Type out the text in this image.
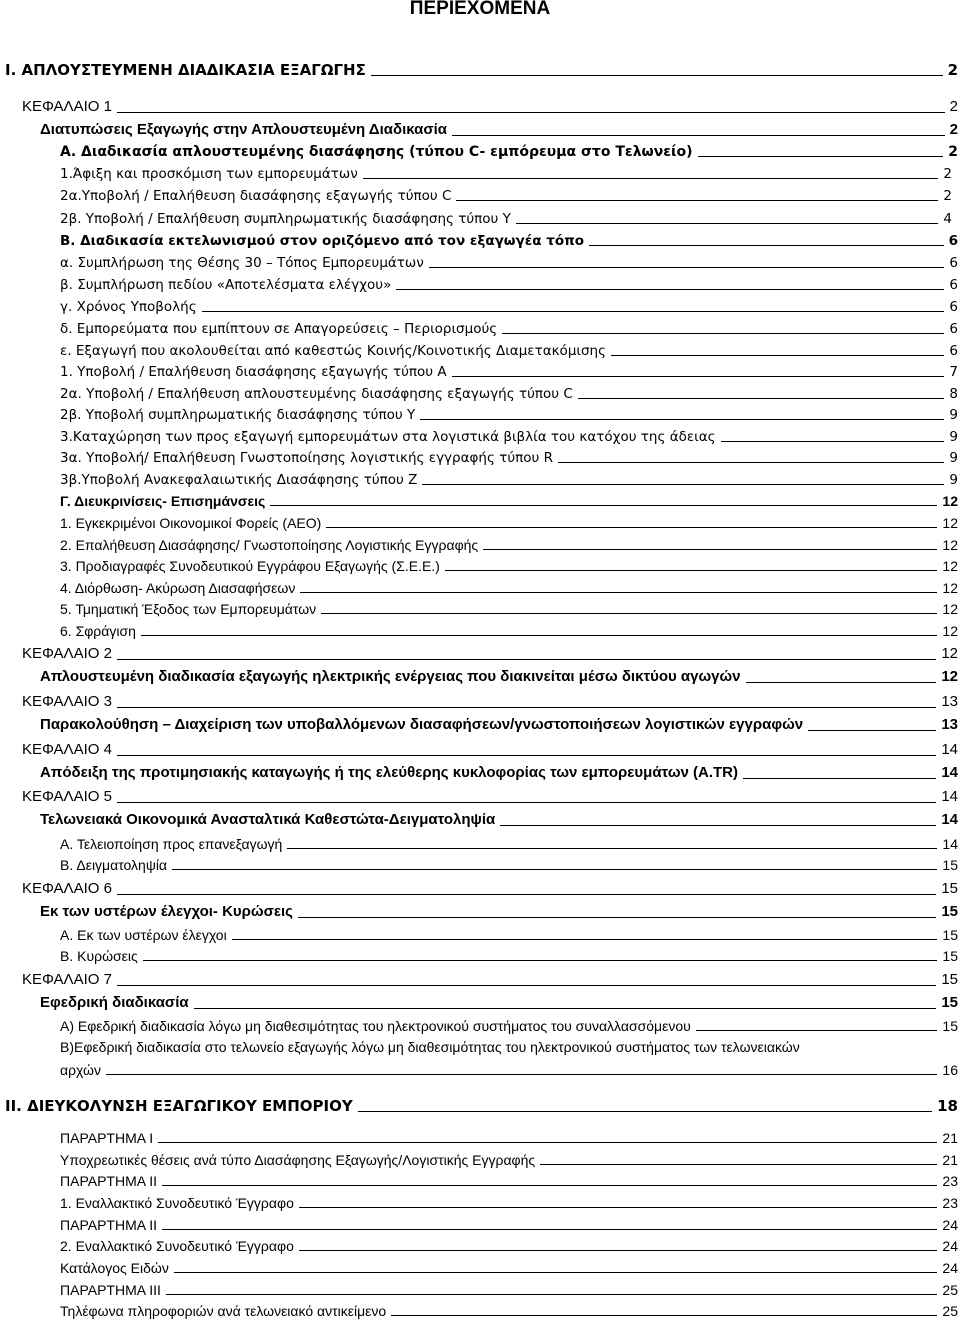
ΠΕΡΙΕΧΟΜΕΝΑ
I. ΑΠΛΟΥΣΤΕΥΜΕΝΗ ΔΙΑΔΙΚΑΣΙΑ ΕΞΑΓΩΓΗΣ	2
ΚΕΦΑΛΑΙΟ 1	2
Διατυπώσεις Εξαγωγής στην Απλουστευμένη Διαδικασία	2
Α. Διαδικασία απλουστευμένης διασάφησης (τύπου C- εμπόρευμα στο Τελωνείο)	2
1.Άφιξη και προσκόμιση των εμπορευμάτων	2
2α.Υποβολή / Επαλήθευση διασάφησης εξαγωγής τύπου C	2
2β. Υποβολή / Επαλήθευση συμπληρωματικής διασάφησης τύπου Y	4
Β. Διαδικασία εκτελωνισμού στον οριζόμενο από τον εξαγωγέα τόπο	6
α. Συμπλήρωση της Θέσης 30 – Τόπος Εμπορευμάτων	6
β. Συμπλήρωση πεδίου «Αποτελέσματα ελέγχου»	6
γ. Χρόνος Υποβολής	6
δ. Εμπορεύματα που εμπίπτουν σε Απαγορεύσεις – Περιορισμούς	6
ε. Εξαγωγή που ακολουθείται από καθεστώς Κοινής/Κοινοτικής Διαμετακόμισης	6
1. Υποβολή / Επαλήθευση διασάφησης εξαγωγής τύπου Α	7
2α. Υποβολή / Επαλήθευση απλουστευμένης διασάφησης εξαγωγής τύπου C	8
2β. Υποβολή συμπληρωματικής διασάφησης τύπου Y	9
3.Καταχώρηση των προς εξαγωγή εμπορευμάτων στα λογιστικά βιβλία του κατόχου της άδειας	9
3α. Υποβολή/ Επαλήθευση Γνωστοποίησης λογιστικής εγγραφής τύπου R	9
3β.Υποβολή Ανακεφαλαιωτικής Διασάφησης τύπου Z	9
Γ. Διευκρινίσεις- Επισημάνσεις	12
1. Εγκεκριμένοι Οικονομικοί Φορείς (ΑΕΟ)	12
2. Επαλήθευση Διασάφησης/ Γνωστοποίησης Λογιστικής Εγγραφής	12
3. Προδιαγραφές Συνοδευτικού Εγγράφου Εξαγωγής (Σ.Ε.Ε.)	12
4. Διόρθωση- Ακύρωση Διασαφήσεων	12
5. Τμηματική Έξοδος των Εμπορευμάτων	12
6. Σφράγιση	12
ΚΕΦΑΛΑΙΟ 2	12
Απλουστευμένη διαδικασία εξαγωγής ηλεκτρικής ενέργειας που διακινείται μέσω δικτύου αγωγών	12
ΚΕΦΑΛΑΙΟ 3	13
Παρακολούθηση – Διαχείριση των υποβαλλόμενων διασαφήσεων/γνωστοποιήσεων λογιστικών εγγραφών	13
ΚΕΦΑΛΑΙΟ 4	14
Απόδειξη της προτιμησιακής καταγωγής ή της ελεύθερης κυκλοφορίας των εμπορευμάτων (Α.TR)	14
ΚΕΦΑΛΑΙΟ 5	14
Τελωνειακά Οικονομικά Ανασταλτικά Καθεστώτα-Δειγματοληψία	14
Α. Τελειοποίηση προς επανεξαγωγή	14
Β. Δειγματοληψία	15
ΚΕΦΑΛΑΙΟ 6	15
Εκ των υστέρων έλεγχοι- Κυρώσεις	15
Α. Εκ των υστέρων έλεγχοι	15
Β. Κυρώσεις	15
ΚΕΦΑΛΑΙΟ 7	15
Εφεδρική διαδικασία	15
Α) Εφεδρική διαδικασία λόγω μη διαθεσιμότητας του ηλεκτρονικού συστήματος του συναλλασσόμενου	15
Β)Εφεδρική διαδικασία στο τελωνείο εξαγωγής λόγω μη διαθεσιμότητας του ηλεκτρονικού συστήματος των τελωνειακών
αρχών	16
II. ΔΙΕΥΚΟΛΥΝΣΗ ΕΞΑΓΩΓΙΚΟΥ ΕΜΠΟΡΙΟΥ	18
ΠΑΡΑΡΤΗΜΑ Ι	21
Υποχρεωτικές θέσεις ανά τύπο Διασάφησης Εξαγωγής/Λογιστικής Εγγραφής	21
ΠΑΡΑΡΤΗΜΑ ΙΙ	23
1. Εναλλακτικό Συνοδευτικό Έγγραφο	23
ΠΑΡΑΡΤΗΜΑ ΙΙ	24
2. Εναλλακτικό Συνοδευτικό Έγγραφο	24
Κατάλογος Ειδών	24
ΠΑΡΑΡΤΗΜΑ ΙΙΙ	25
Τηλέφωνα πληροφοριών ανά τελωνειακό αντικείμενο	25
